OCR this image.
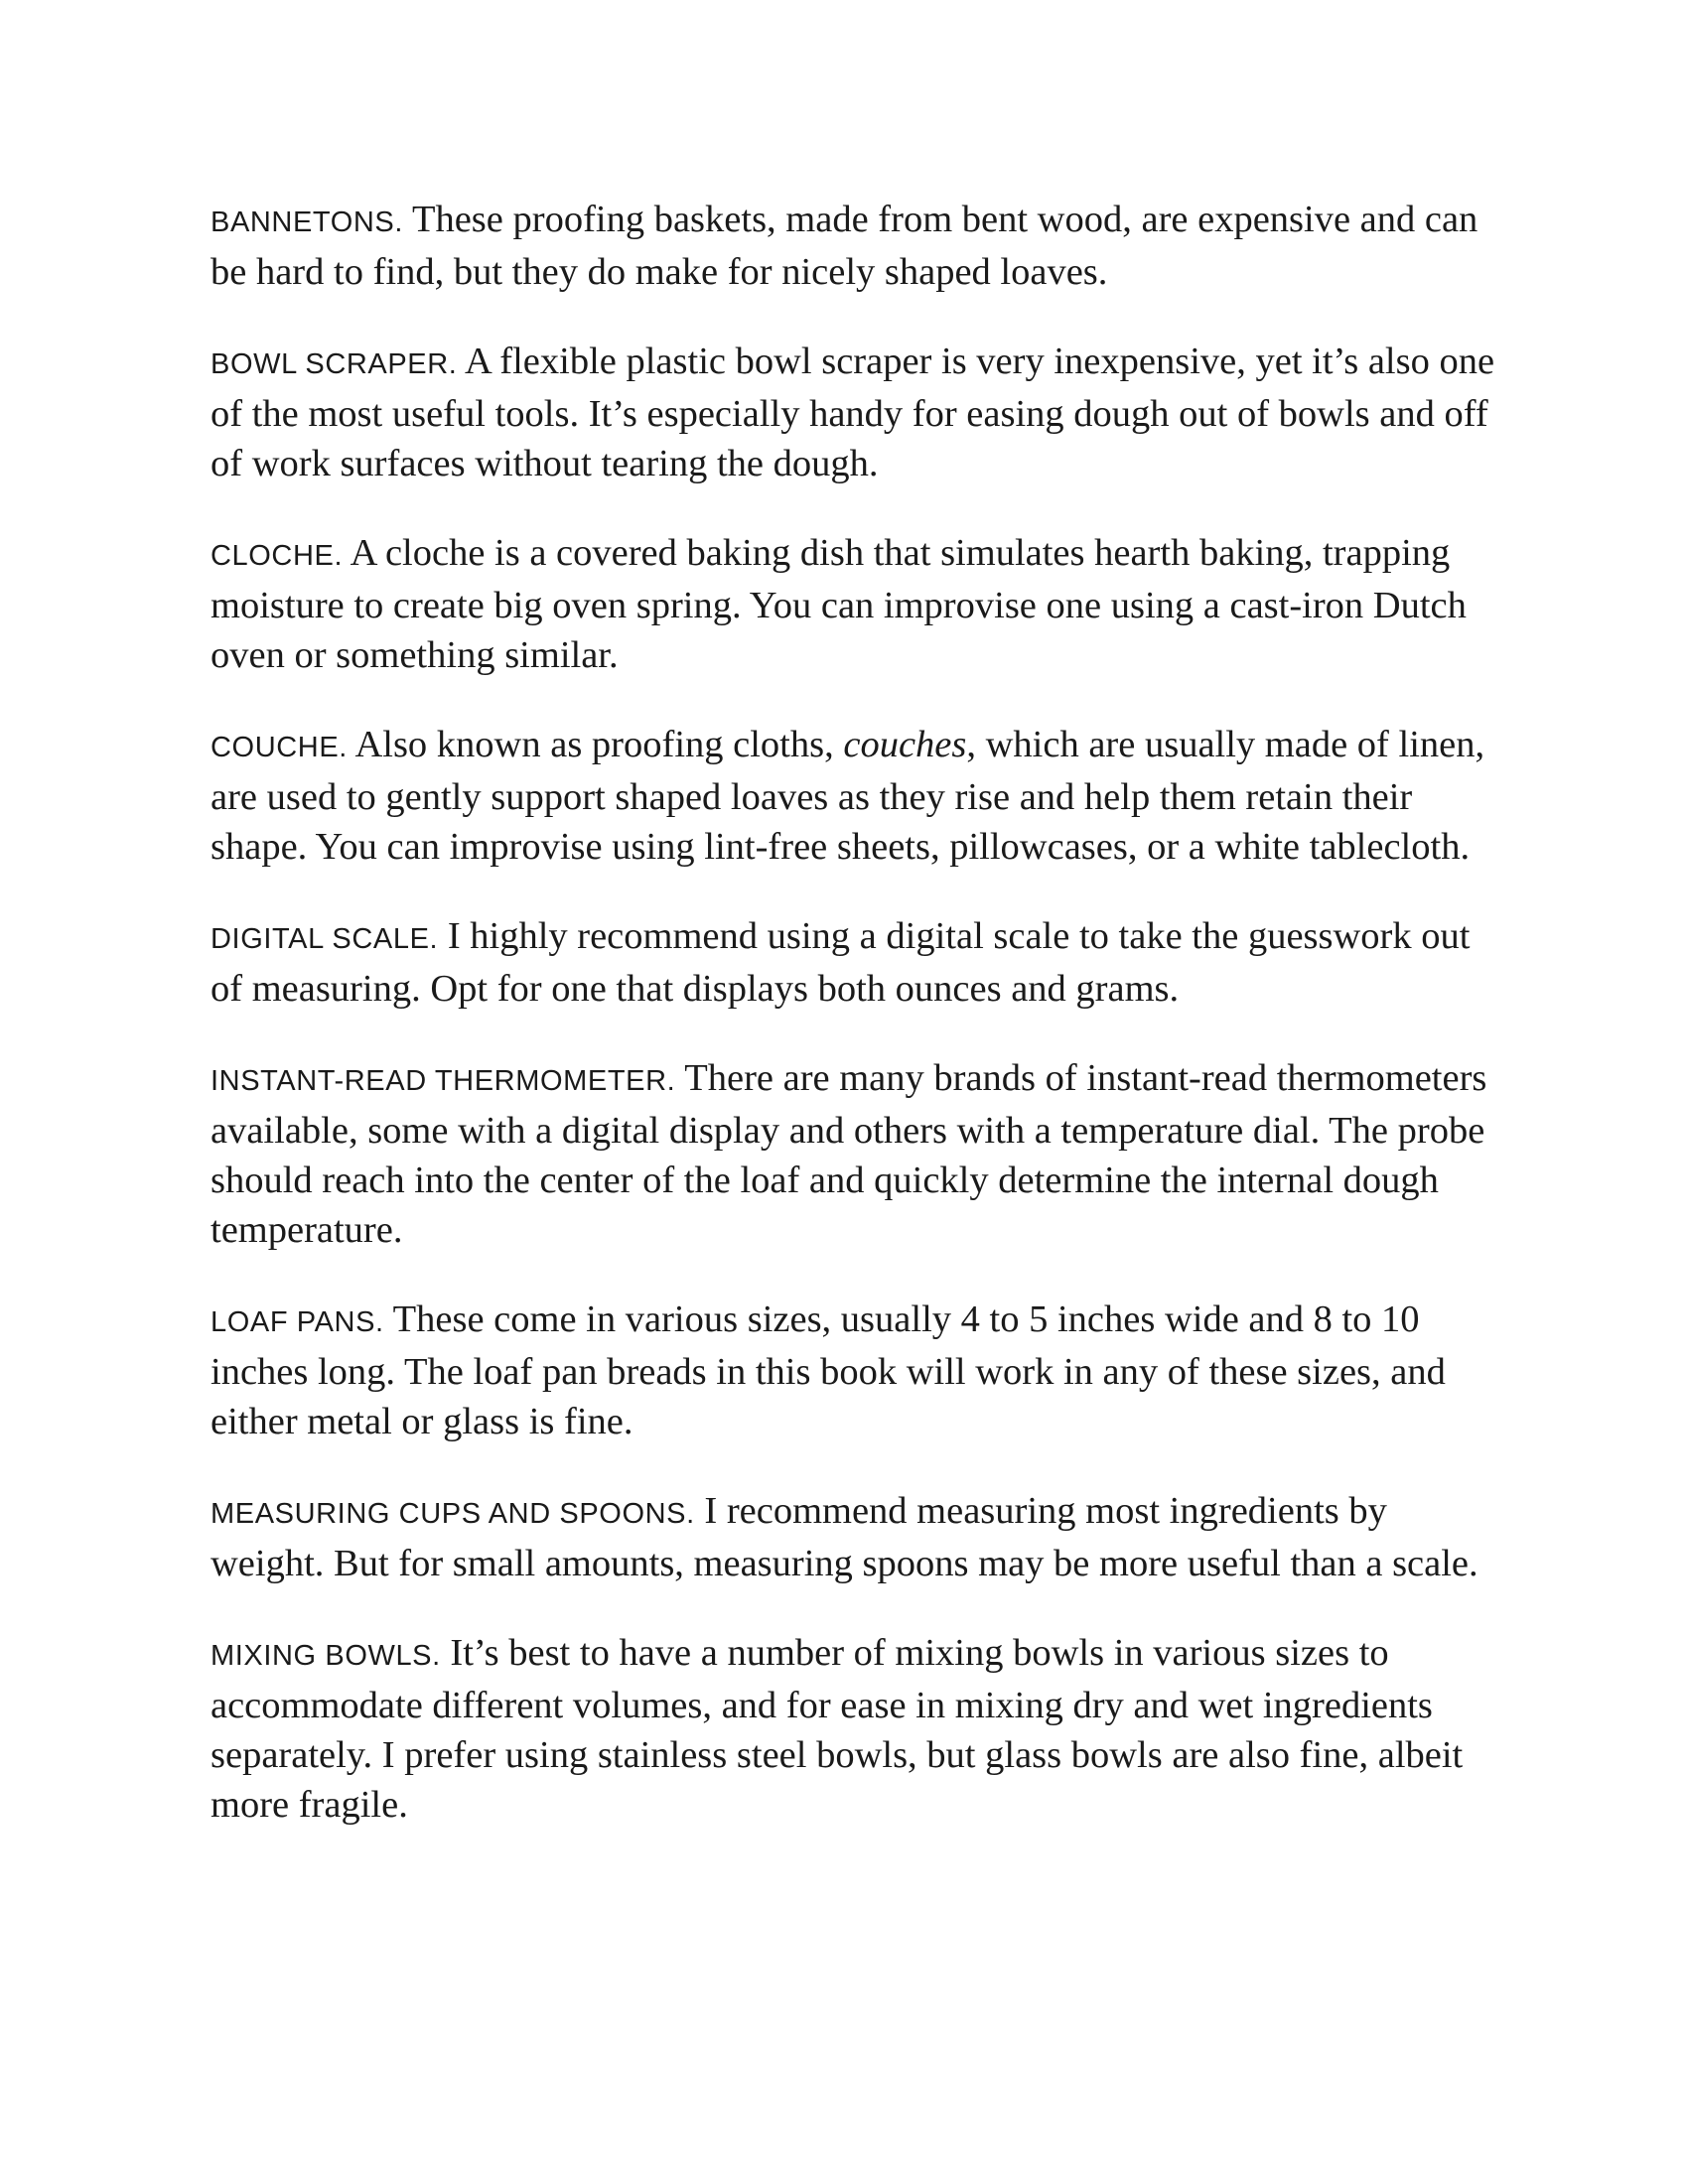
BANNETONS. These proofing baskets, made from bent wood, are expensive and can be hard to find, but they do make for nicely shaped loaves.

BOWL SCRAPER. A flexible plastic bowl scraper is very inexpensive, yet it’s also one of the most useful tools. It’s especially handy for easing dough out of bowls and off of work surfaces without tearing the dough.

CLOCHE. A cloche is a covered baking dish that simulates hearth baking, trapping moisture to create big oven spring. You can improvise one using a cast-iron Dutch oven or something similar.

COUCHE. Also known as proofing cloths, couches, which are usually made of linen, are used to gently support shaped loaves as they rise and help them retain their shape. You can improvise using lint-free sheets, pillowcases, or a white tablecloth.

DIGITAL SCALE. I highly recommend using a digital scale to take the guesswork out of measuring. Opt for one that displays both ounces and grams.

INSTANT-READ THERMOMETER. There are many brands of instant-read thermometers available, some with a digital display and others with a temperature dial. The probe should reach into the center of the loaf and quickly determine the internal dough temperature.

LOAF PANS. These come in various sizes, usually 4 to 5 inches wide and 8 to 10 inches long. The loaf pan breads in this book will work in any of these sizes, and either metal or glass is fine.

MEASURING CUPS AND SPOONS. I recommend measuring most ingredients by weight. But for small amounts, measuring spoons may be more useful than a scale.

MIXING BOWLS. It’s best to have a number of mixing bowls in various sizes to accommodate different volumes, and for ease in mixing dry and wet ingredients separately. I prefer using stainless steel bowls, but glass bowls are also fine, albeit more fragile.
